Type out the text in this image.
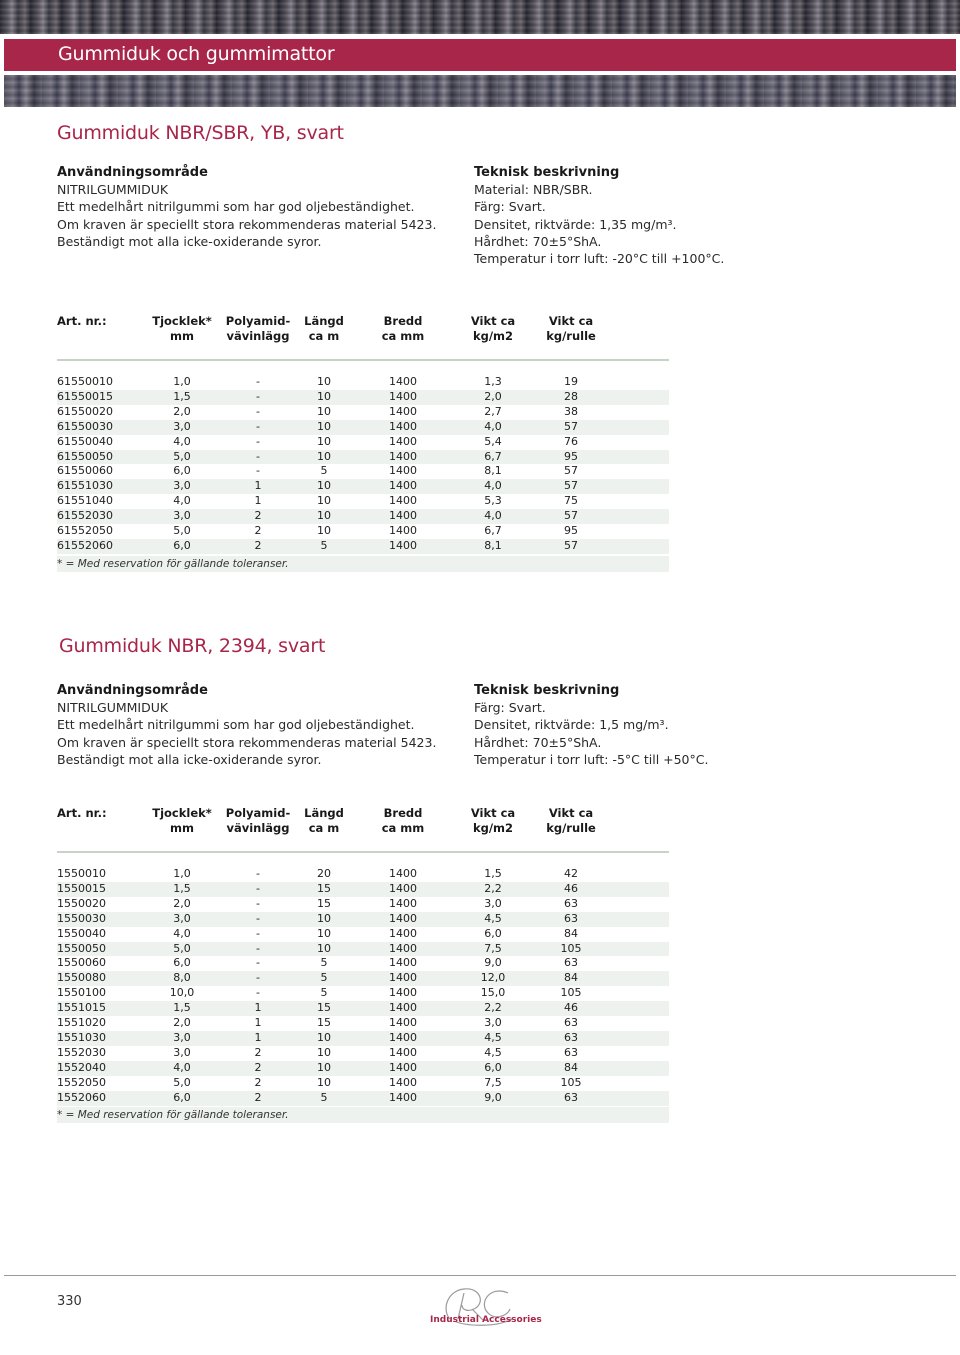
Gummiduk och gummimattor
Gummiduk NBR/SBR, YB, svart
Användningsområde
NITRILGUMMIDUK
Ett medelhårt nitrilgummi som har god oljebeständighet.
Om kraven är speciellt stora rekommenderas material 5423.
Beständigt mot alla icke-oxiderande syror.
Teknisk beskrivning
Material: NBR/SBR.
Färg: Svart.
Densitet, riktvärde: 1,35 mg/m³.
Hårdhet: 70±5°ShA.
Temperatur i torr luft: -20°C till +100°C.
Art. nr.:	Tjocklek*	Polyamid-	Längd	Bredd	Vikt ca	Vikt ca	
	mm	vävinlägg	ca m	ca mm	kg/m2	kg/rulle	

61550010	1,0	-	10	1400	1,3	19	
61550015	1,5	-	10	1400	2,0	28	
61550020	2,0	-	10	1400	2,7	38	
61550030	3,0	-	10	1400	4,0	57	
61550040	4,0	-	10	1400	5,4	76	
61550050	5,0	-	10	1400	6,7	95	
61550060	6,0	-	5	1400	8,1	57	
61551030	3,0	1	10	1400	4,0	57	
61551040	4,0	1	10	1400	5,3	75	
61552030	3,0	2	10	1400	4,0	57	
61552050	5,0	2	10	1400	6,7	95	
61552060	6,0	2	5	1400	8,1	57	
* = Med reservation för gällande toleranser.
Gummiduk NBR, 2394, svart
Användningsområde
NITRILGUMMIDUK
Ett medelhårt nitrilgummi som har god oljebeständighet.
Om kraven är speciellt stora rekommenderas material 5423.
Beständigt mot alla icke-oxiderande syror.
Teknisk beskrivning
Färg: Svart.
Densitet, riktvärde: 1,5 mg/m³.
Hårdhet: 70±5°ShA.
Temperatur i torr luft: -5°C till +50°C.
Art. nr.:	Tjocklek*	Polyamid-	Längd	Bredd	Vikt ca	Vikt ca	
	mm	vävinlägg	ca m	ca mm	kg/m2	kg/rulle	

1550010	1,0	-	20	1400	1,5	42	
1550015	1,5	-	15	1400	2,2	46	
1550020	2,0	-	15	1400	3,0	63	
1550030	3,0	-	10	1400	4,5	63	
1550040	4,0	-	10	1400	6,0	84	
1550050	5,0	-	10	1400	7,5	105	
1550060	6,0	-	5	1400	9,0	63	
1550080	8,0	-	5	1400	12,0	84	
1550100	10,0	-	5	1400	15,0	105	
1551015	1,5	1	15	1400	2,2	46	
1551020	2,0	1	15	1400	3,0	63	
1551030	3,0	1	10	1400	4,5	63	
1552030	3,0	2	10	1400	4,5	63	
1552040	4,0	2	10	1400	6,0	84	
1552050	5,0	2	10	1400	7,5	105	
1552060	6,0	2	5	1400	9,0	63	
* = Med reservation för gällande toleranser.
330
Industrial Accessories
